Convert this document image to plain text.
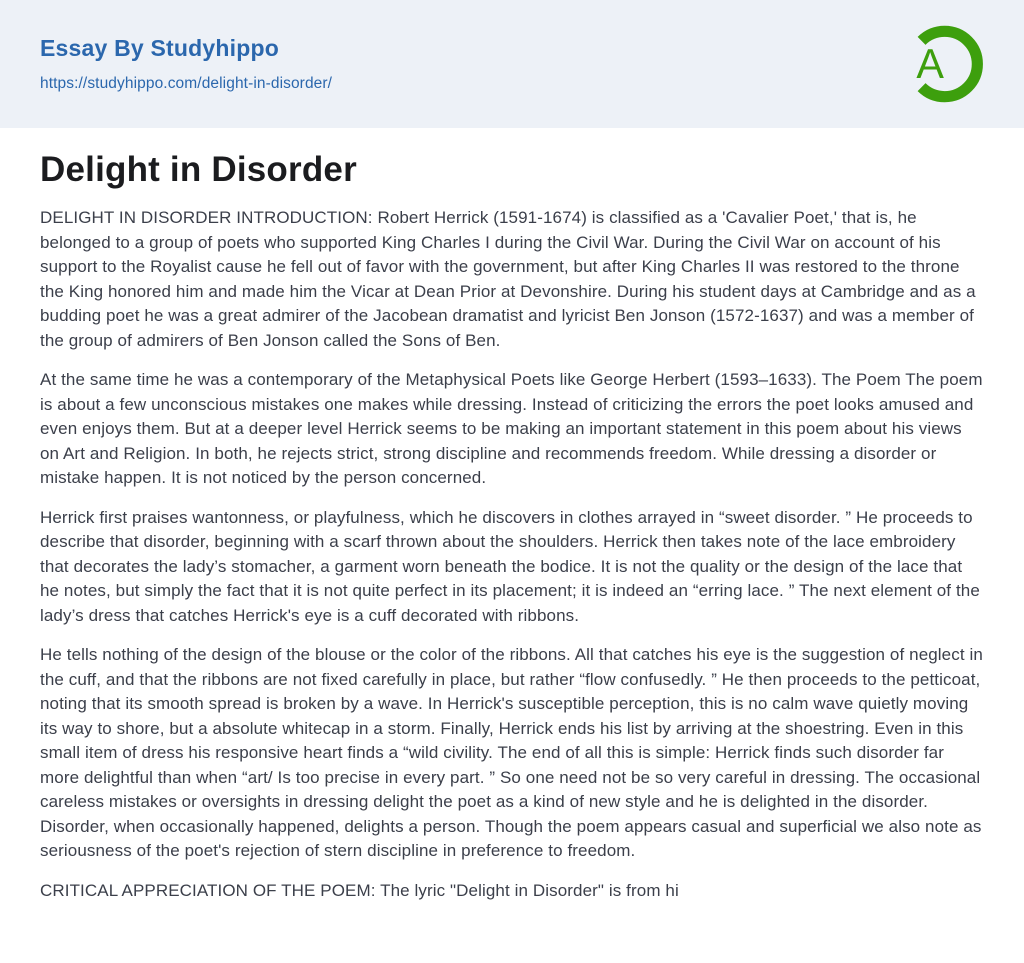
Essay By Studyhippo
https://studyhippo.com/delight-in-disorder/	A
Delight in Disorder

DELIGHT IN DISORDER INTRODUCTION: Robert Herrick (1591-1674) is classified as a 'Cavalier Poet,' that is, he belonged to a group of poets who supported King Charles I during the Civil War. During the Civil War on account of his support to the Royalist cause he fell out of favor with the government, but after King Charles II was restored to the throne the King honored him and made him the Vicar at Dean Prior at Devonshire. During his student days at Cambridge and as a budding poet he was a great admirer of the Jacobean dramatist and lyricist Ben Jonson (1572-1637) and was a member of the group of admirers of Ben Jonson called the Sons of Ben.

At the same time he was a contemporary of the Metaphysical Poets like George Herbert (1593–1633). The Poem The poem is about a few unconscious mistakes one makes while dressing. Instead of criticizing the errors the poet looks amused and even enjoys them. But at a deeper level Herrick seems to be making an important statement in this poem about his views on Art and Religion. In both, he rejects strict, strong discipline and recommends freedom. While dressing a disorder or mistake happen. It is not noticed by the person concerned.

Herrick first praises wantonness, or playfulness, which he discovers in clothes arrayed in “sweet disorder. ” He proceeds to describe that disorder, beginning with a scarf thrown about the shoulders. Herrick then takes note of the lace embroidery that decorates the lady’s stomacher, a garment worn beneath the bodice. It is not the quality or the design of the lace that he notes, but simply the fact that it is not quite perfect in its placement; it is indeed an “erring lace. ” The next element of the lady’s dress that catches Herrick's eye is a cuff decorated with ribbons.

He tells nothing of the design of the blouse or the color of the ribbons. All that catches his eye is the suggestion of neglect in the cuff, and that the ribbons are not fixed carefully in place, but rather “flow confusedly. ” He then proceeds to the petticoat, noting that its smooth spread is broken by a wave. In Herrick's susceptible perception, this is no calm wave quietly moving its way to shore, but a absolute whitecap in a storm. Finally, Herrick ends his list by arriving at the shoestring. Even in this small item of dress his responsive heart finds a “wild civility. The end of all this is simple: Herrick finds such disorder far more delightful than when “art/ Is too precise in every part. ” So one need not be so very careful in dressing. The occasional careless mistakes or oversights in dressing delight the poet as a kind of new style and he is delighted in the disorder. Disorder, when occasionally happened, delights a person. Though the poem appears casual and superficial we also note as seriousness of the poet's rejection of stern discipline in preference to freedom.

CRITICAL APPRECIATION OF THE POEM: The lyric "Delight in Disorder" is from hi
